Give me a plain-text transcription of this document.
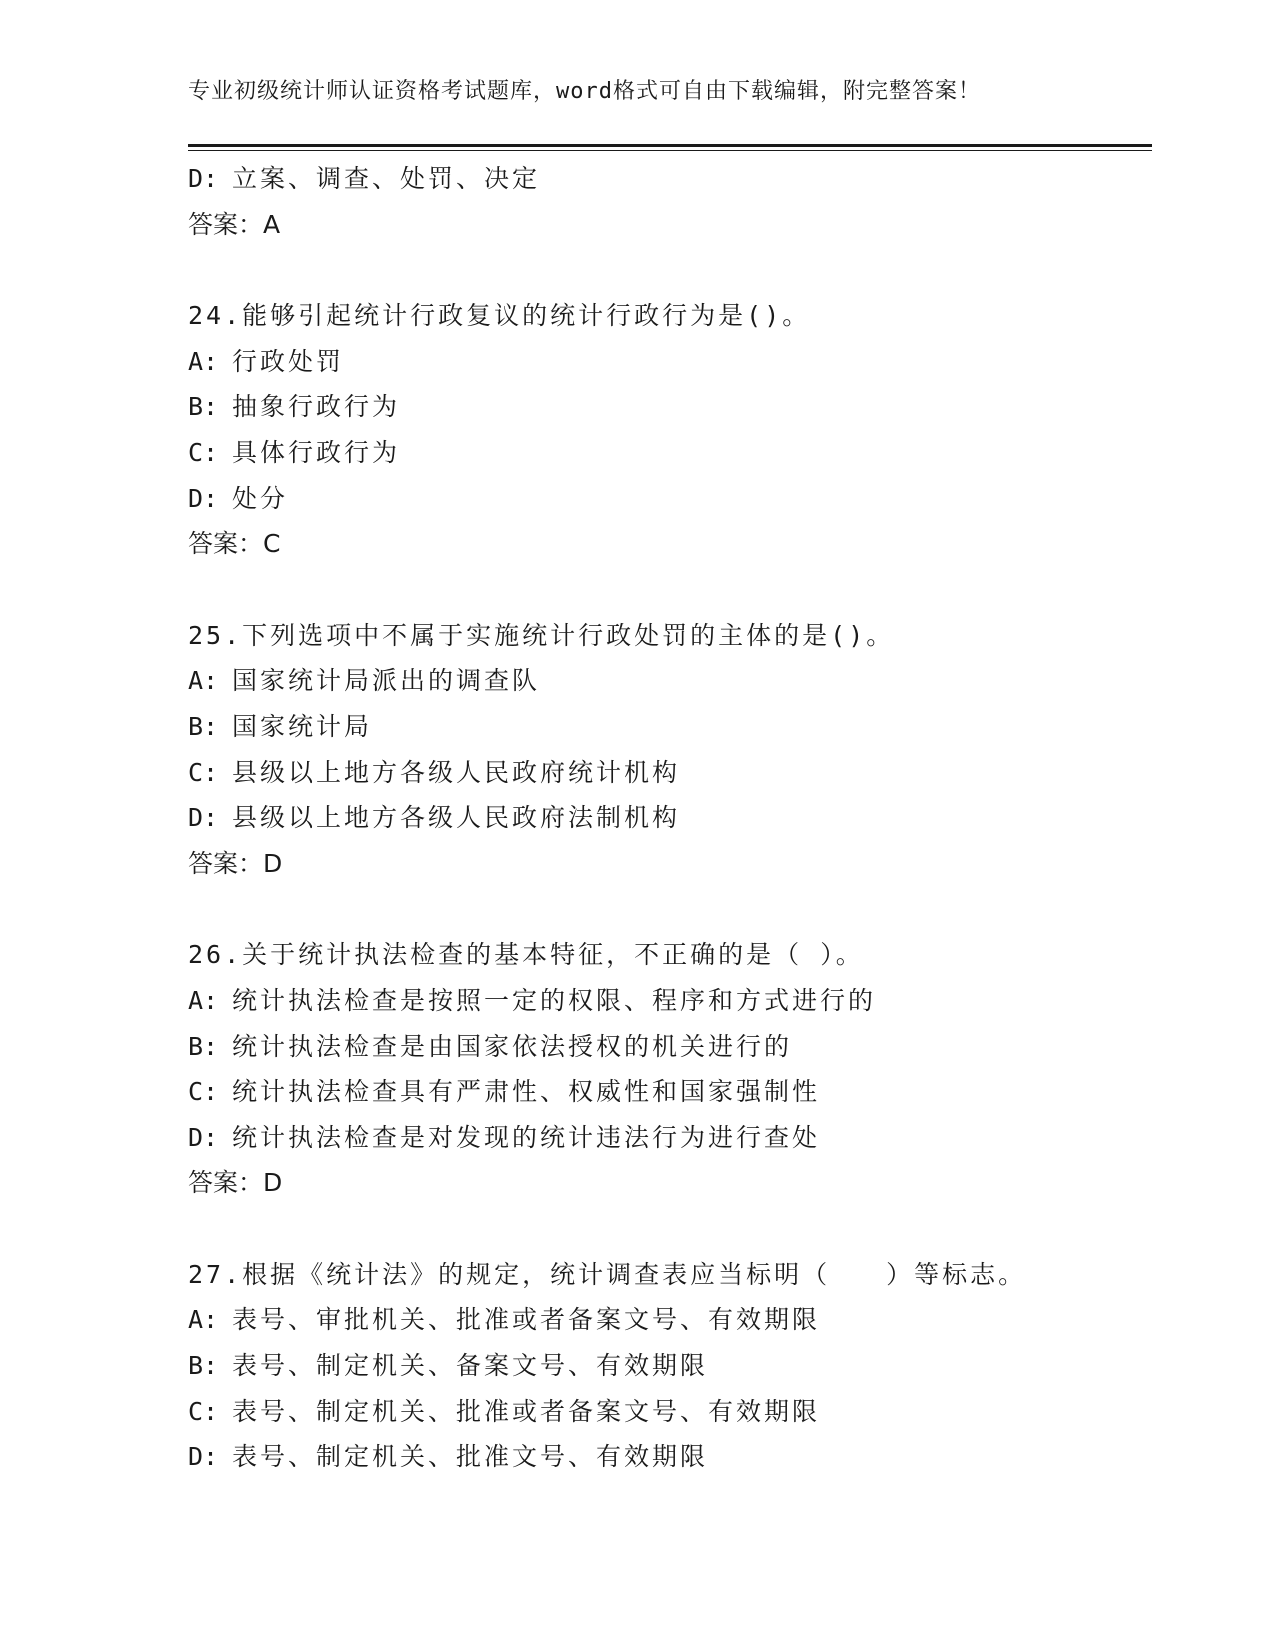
专业初级统计师认证资格考试题库，word格式可自由下载编辑，附完整答案！
D: 立案、调查、处罚、决定
答案：A
24.能够引起统计行政复议的统计行政行为是()。
A: 行政处罚
B: 抽象行政行为
C: 具体行政行为
D: 处分
答案：C
25.下列选项中不属于实施统计行政处罚的主体的是()。
A: 国家统计局派出的调查队
B: 国家统计局
C: 县级以上地方各级人民政府统计机构
D: 县级以上地方各级人民政府法制机构
答案：D
26.关于统计执法检查的基本特征，不正确的是（ ）。
A: 统计执法检查是按照一定的权限、程序和方式进行的
B: 统计执法检查是由国家依法授权的机关进行的
C: 统计执法检查具有严肃性、权威性和国家强制性
D: 统计执法检查是对发现的统计违法行为进行查处
答案：D
27.根据《统计法》的规定，统计调查表应当标明（　　）等标志。
A: 表号、审批机关、批准或者备案文号、有效期限
B: 表号、制定机关、备案文号、有效期限
C: 表号、制定机关、批准或者备案文号、有效期限
D: 表号、制定机关、批准文号、有效期限
